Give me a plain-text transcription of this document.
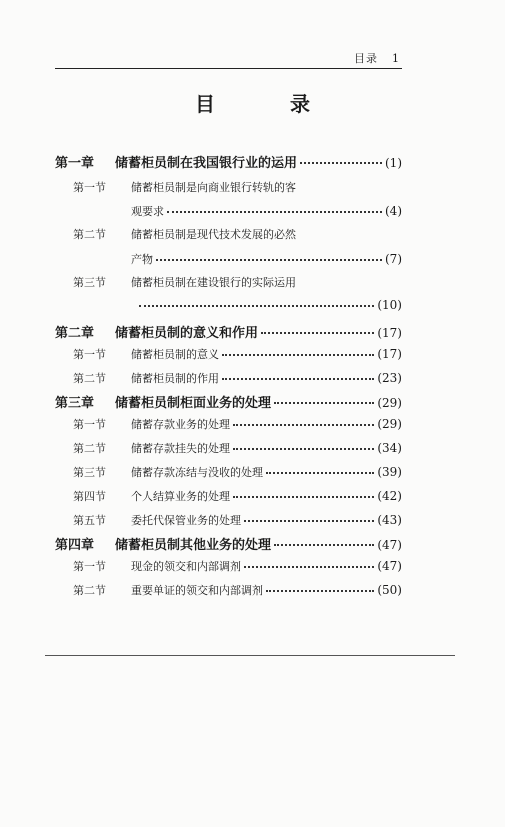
目录 1
目 录
第一章	储蓄柜员制在我国银行业的运用	(1)
第一节	储蓄柜员制是向商业银行转轨的客
观要求	(4)
第二节	储蓄柜员制是现代技术发展的必然
产物	(7)
第三节	储蓄柜员制在建设银行的实际运用
(10)
第二章	储蓄柜员制的意义和作用	(17)
第一节	储蓄柜员制的意义	(17)
第二节	储蓄柜员制的作用	(23)
第三章	储蓄柜员制柜面业务的处理	(29)
第一节	储蓄存款业务的处理	(29)
第二节	储蓄存款挂失的处理	(34)
第三节	储蓄存款冻结与没收的处理	(39)
第四节	个人结算业务的处理	(42)
第五节	委托代保管业务的处理	(43)
第四章	储蓄柜员制其他业务的处理	(47)
第一节	现金的领交和内部调剂	(47)
第二节	重要单证的领交和内部调剂	(50)
